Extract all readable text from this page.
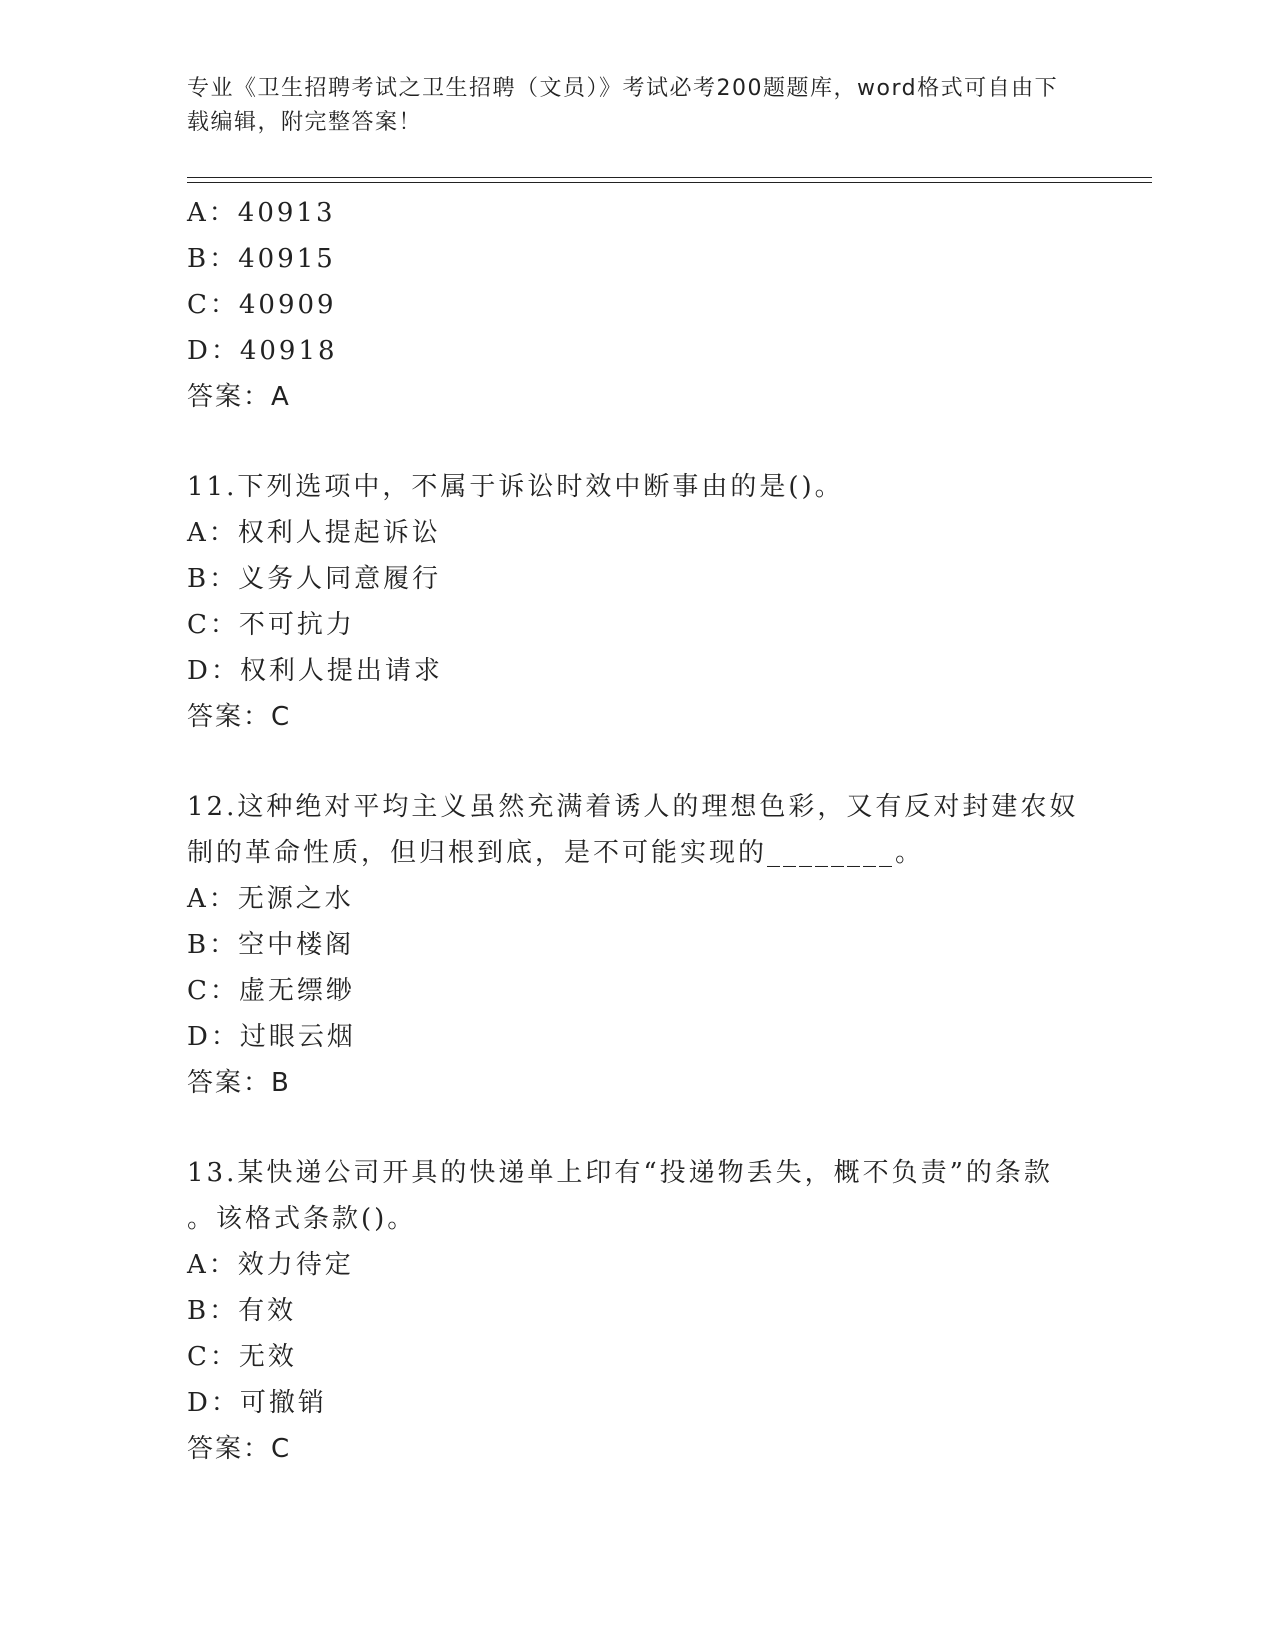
专业《卫生招聘考试之卫生招聘（文员）》考试必考200题题库，word格式可自由下载编辑，附完整答案！
A：40913
B：40915
C：40909
D：40918
答案：A
11.下列选项中，不属于诉讼时效中断事由的是()。
A：权利人提起诉讼
B：义务人同意履行
C：不可抗力
D：权利人提出请求
答案：C
12.这种绝对平均主义虽然充满着诱人的理想色彩，又有反对封建农奴
制的革命性质，但归根到底，是不可能实现的________。
A：无源之水
B：空中楼阁
C：虚无缥缈
D：过眼云烟
答案：B
13.某快递公司开具的快递单上印有“投递物丢失，概不负责”的条款
。该格式条款()。
A：效力待定
B：有效
C：无效
D：可撤销
答案：C
